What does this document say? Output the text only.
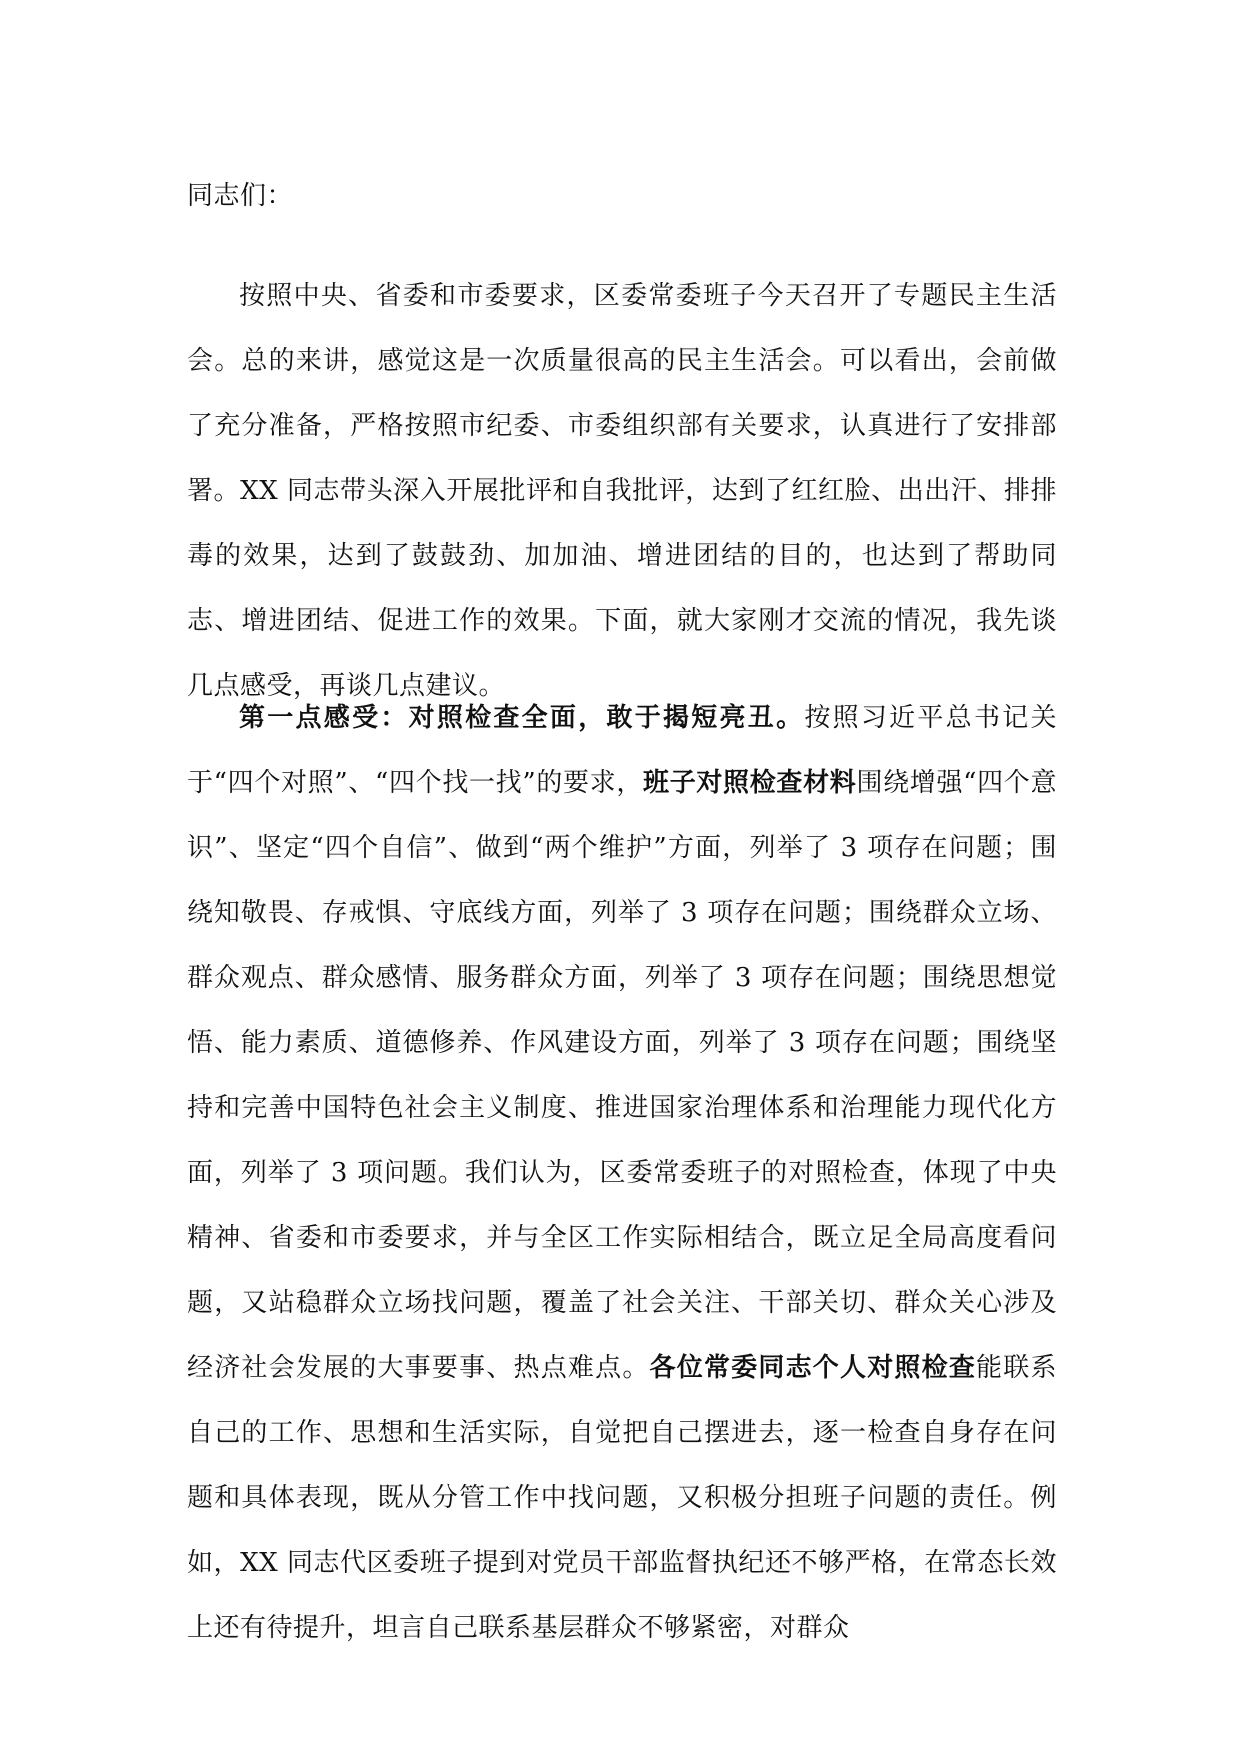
同志们：

按照中央、省委和市委要求，区委常委班子今天召开了专题民主生活会。总的来讲，感觉这是一次质量很高的民主生活会。可以看出，会前做了充分准备，严格按照市纪委、市委组织部有关要求，认真进行了安排部署。XX 同志带头深入开展批评和自我批评，达到了红红脸、出出汗、排排毒的效果，达到了鼓鼓劲、加加油、增进团结的目的，也达到了帮助同志、增进团结、促进工作的效果。下面，就大家刚才交流的情况，我先谈几点感受，再谈几点建议。

第一点感受：对照检查全面，敢于揭短亮丑。按照习近平总书记关于“四个对照”、“四个找一找”的要求，班子对照检查材料围绕增强“四个意识”、坚定“四个自信”、做到“两个维护”方面，列举了 3 项存在问题；围绕知敬畏、存戒惧、守底线方面，列举了 3 项存在问题；围绕群众立场、群众观点、群众感情、服务群众方面，列举了 3 项存在问题；围绕思想觉悟、能力素质、道德修养、作风建设方面，列举了 3 项存在问题；围绕坚持和完善中国特色社会主义制度、推进国家治理体系和治理能力现代化方面，列举了 3 项问题。我们认为，区委常委班子的对照检查，体现了中央精神、省委和市委要求，并与全区工作实际相结合，既立足全局高度看问题，又站稳群众立场找问题，覆盖了社会关注、干部关切、群众关心涉及经济社会发展的大事要事、热点难点。各位常委同志个人对照检查能联系自己的工作、思想和生活实际，自觉把自己摆进去，逐一检查自身存在问题和具体表现，既从分管工作中找问题，又积极分担班子问题的责任。例如，XX 同志代区委班子提到对党员干部监督执纪还不够严格，在常态长效上还有待提升，坦言自己联系基层群众不够紧密，对群众
